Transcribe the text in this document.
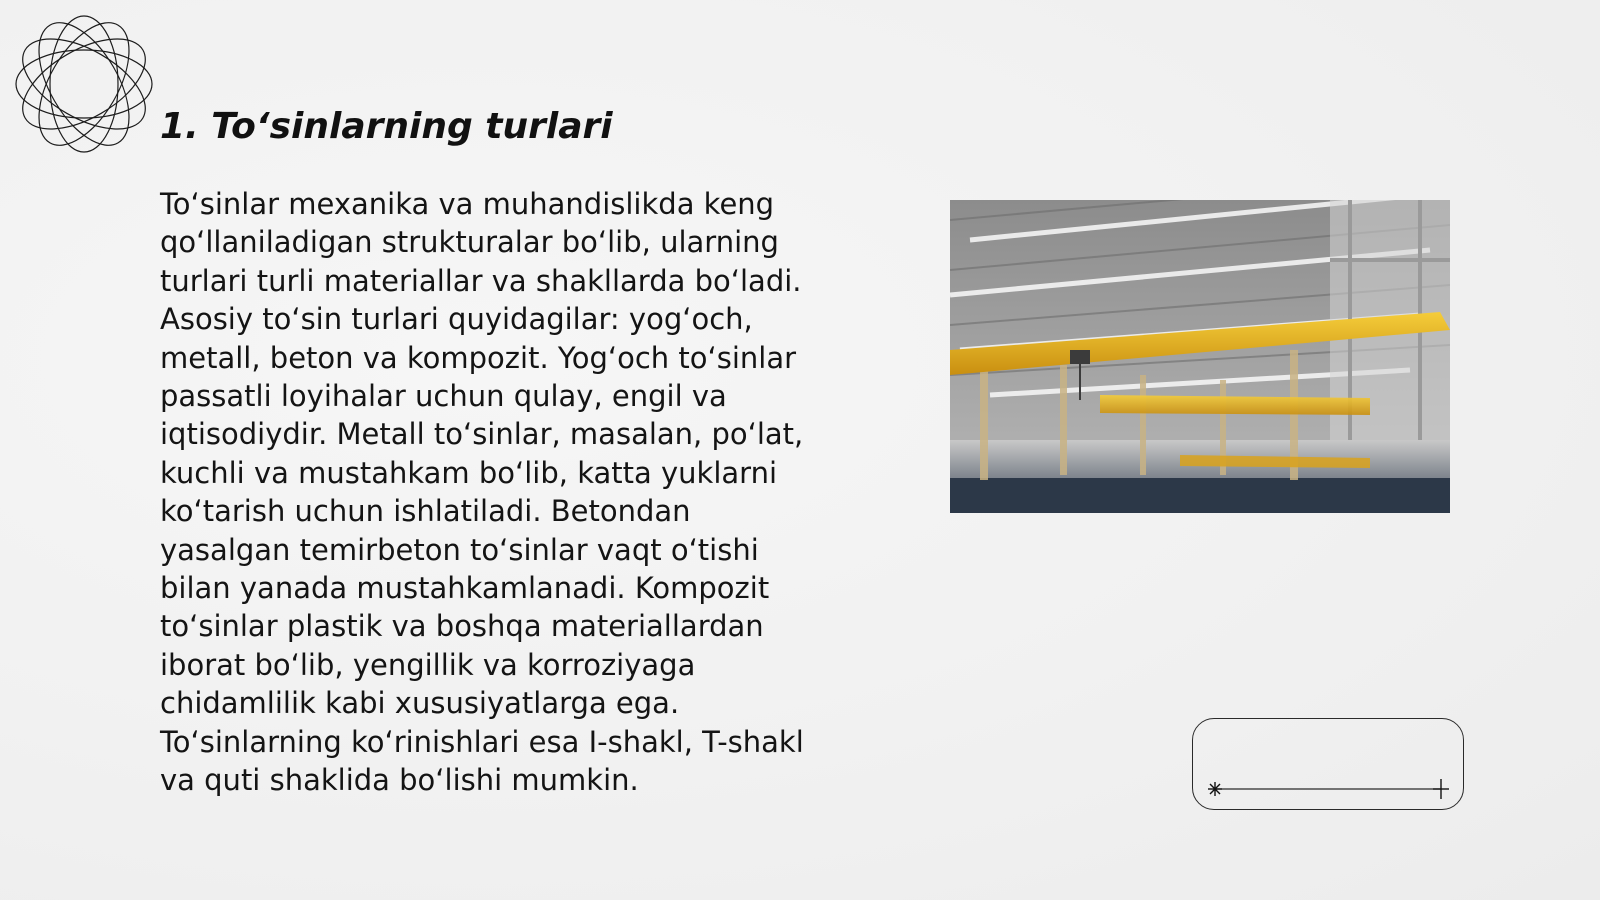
1. To‘sinlarning turlari

To‘sinlar mexanika va muhandislikda keng qo‘llaniladigan strukturalar bo‘lib, ularning turlari turli materiallar va shakllarda bo‘ladi. Asosiy to‘sin turlari quyidagilar: yog‘och, metall, beton va kompozit. Yog‘och to‘sinlar passatli loyihalar uchun qulay, engil va iqtisodiydir. Metall to‘sinlar, masalan, po‘lat, kuchli va mustahkam bo‘lib, katta yuklarni ko‘tarish uchun ishlatiladi. Betondan yasalgan temirbeton to‘sinlar vaqt o‘tishi bilan yanada mustahkamlanadi. Kompozit to‘sinlar plastik va boshqa materiallardan iborat bo‘lib, yengillik va korroziyaga chidamlilik kabi xususiyatlarga ega. To‘sinlarning ko‘rinishlari esa I-shakl, T-shakl va quti shaklida bo‘lishi mumkin.
